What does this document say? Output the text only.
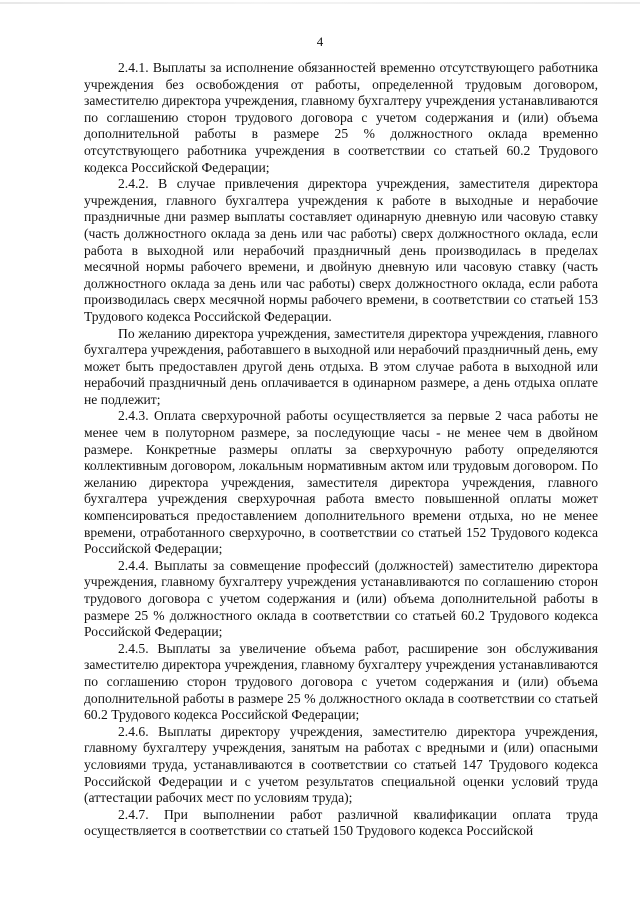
4

2.4.1. Выплаты за исполнение обязанностей временно отсутствующего работника учреждения без освобождения от работы, определенной трудовым договором, заместителю директора учреждения, главному бухгалтеру учреждения устанавливаются по соглашению сторон трудового договора с учетом содержания и (или) объема дополнительной работы в размере 25 % должностного оклада временно отсутствующего работника учреждения в соответствии со статьей 60.2 Трудового кодекса Российской Федерации;

2.4.2. В случае привлечения директора учреждения, заместителя директора учреждения, главного бухгалтера учреждения к работе в выходные и нерабочие праздничные дни размер выплаты составляет одинарную дневную или часовую ставку (часть должностного оклада за день или час работы) сверх должностного оклада, если работа в выходной или нерабочий праздничный день производилась в пределах месячной нормы рабочего времени, и двойную дневную или часовую ставку (часть должностного оклада за день или час работы) сверх должностного оклада, если работа производилась сверх месячной нормы рабочего времени, в соответствии со статьей 153 Трудового кодекса Российской Федерации.

По желанию директора учреждения, заместителя директора учреждения, главного бухгалтера учреждения, работавшего в выходной или нерабочий праздничный день, ему может быть предоставлен другой день отдыха. В этом случае работа в выходной или нерабочий праздничный день оплачивается в одинарном размере, а день отдыха оплате не подлежит;

2.4.3. Оплата сверхурочной работы осуществляется за первые 2 часа работы не менее чем в полуторном размере, за последующие часы - не менее чем в двойном размере. Конкретные размеры оплаты за сверхурочную работу определяются коллективным договором, локальным нормативным актом или трудовым договором. По желанию директора учреждения, заместителя директора учреждения, главного бухгалтера учреждения сверхурочная работа вместо повышенной оплаты может компенсироваться предоставлением дополнительного времени отдыха, но не менее времени, отработанного сверхурочно, в соответствии со статьей 152 Трудового кодекса Российской Федерации;

2.4.4. Выплаты за совмещение профессий (должностей) заместителю директора учреждения, главному бухгалтеру учреждения устанавливаются по соглашению сторон трудового договора с учетом содержания и (или) объема дополнительной работы в размере 25 % должностного оклада в соответствии со статьей 60.2 Трудового кодекса Российской Федерации;

2.4.5. Выплаты за увеличение объема работ, расширение зон обслуживания заместителю директора учреждения, главному бухгалтеру учреждения устанавливаются по соглашению сторон трудового договора с учетом содержания и (или) объема дополнительной работы в размере 25 % должностного оклада в соответствии со статьей 60.2 Трудового кодекса Российской Федерации;

2.4.6. Выплаты директору учреждения, заместителю директора учреждения, главному бухгалтеру учреждения, занятым на работах с вредными и (или) опасными условиями труда, устанавливаются в соответствии со статьей 147 Трудового кодекса Российской Федерации и с учетом результатов специальной оценки условий труда (аттестации рабочих мест по условиям труда);

2.4.7. При выполнении работ различной квалификации оплата труда осуществляется в соответствии со статьей 150 Трудового кодекса Российской
